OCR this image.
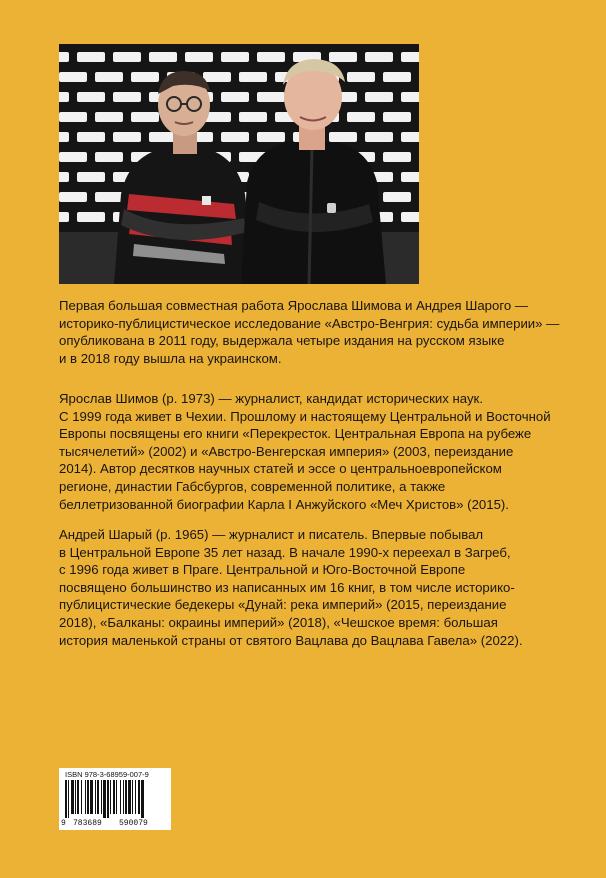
Первая большая совместная работа Ярослава Шимова и Андрея Шарого —
историко-публицистическое исследование «Австро-Венгрия: судьба империи» —
опубликована в 2011 году, выдержала четыре издания на русском языке
и в 2018 году вышла на украинском.
Ярослав Шимов (р. 1973) — журналист, кандидат исторических наук.
С 1999 года живет в Чехии. Прошлому и настоящему Центральной и Восточной
Европы посвящены его книги «Перекресток. Центральная Европа на рубеже
тысячелетий» (2002) и «Австро-Венгерская империя» (2003, переиздание
2014). Автор десятков научных статей и эссе о центральноевропейском
регионе, династии Габсбургов, современной политике, а также
беллетризованной биографии Карла I Анжуйского «Меч Христов» (2015).
Андрей Шарый (р. 1965) — журналист и писатель. Впервые побывал
в Центральной Европе 35 лет назад. В начале 1990-х переехал в Загреб,
с 1996 года живет в Праге. Центральной и Юго-Восточной Европе
посвящено большинство из написанных им 16 книг, в том числе историко-
публицистические бедекеры «Дунай: река империй» (2015, переиздание
2018), «Балканы: окраины империй» (2018), «Чешское время: большая
история маленькой страны от святого Вацлава до Вацлава Гавела» (2022).
ISBN 978-3-68959-007-9
9 783689 590079
